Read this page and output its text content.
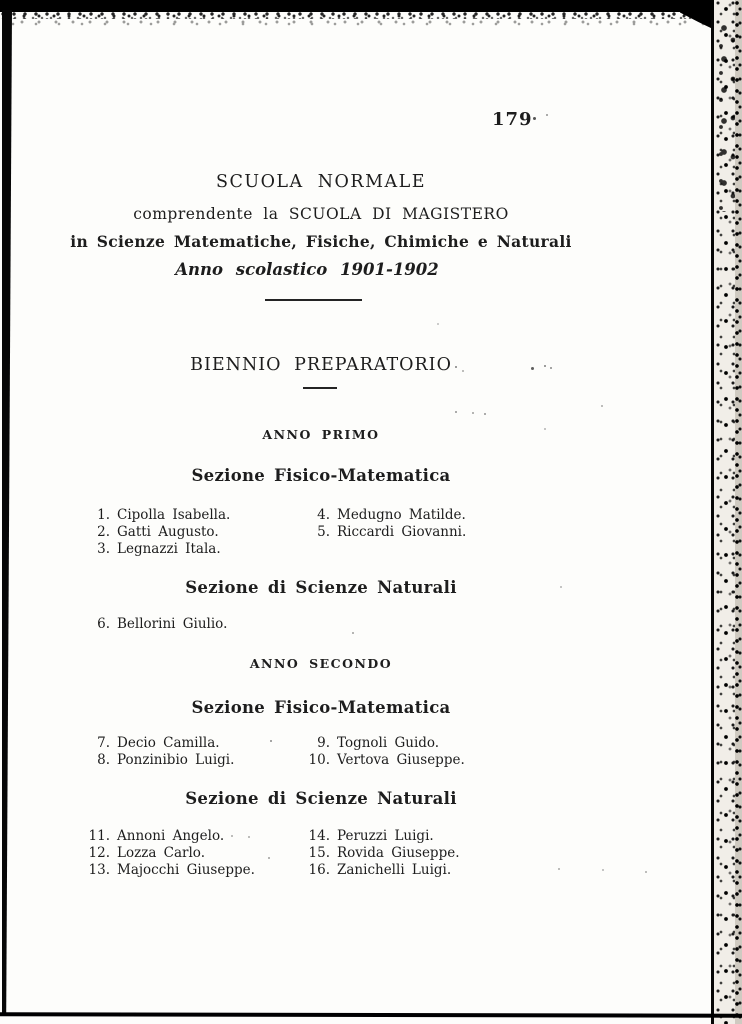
179
SCUOLA NORMALE
comprendente la SCUOLA DI MAGISTERO
in Scienze Matematiche, Fisiche, Chimiche e Naturali
Anno scolastico 1901-1902
BIENNIO PREPARATORIO
ANNO PRIMO
Sezione Fisico-Matematica
1. Cipolla Isabella.
2. Gatti Augusto.
3. Legnazzi Itala.
4. Medugno Matilde.
5. Riccardi Giovanni.
Sezione di Scienze Naturali
6. Bellorini Giulio.
ANNO SECONDO
Sezione Fisico-Matematica
7. Decio Camilla.
8. Ponzinibio Luigi.
9. Tognoli Guido.
10. Vertova Giuseppe.
Sezione di Scienze Naturali
11. Annoni Angelo.
12. Lozza Carlo.
13. Majocchi Giuseppe.
14. Peruzzi Luigi.
15. Rovida Giuseppe.
16. Zanichelli Luigi.
